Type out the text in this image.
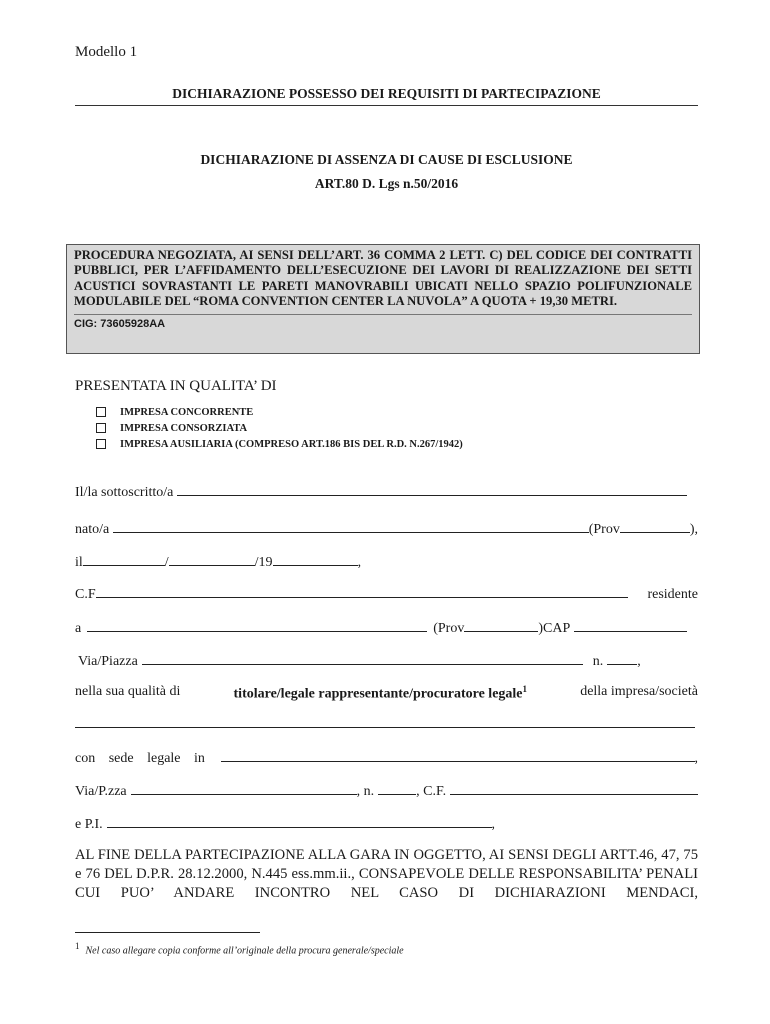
Modello 1
DICHIARAZIONE POSSESSO DEI REQUISITI DI PARTECIPAZIONE
DICHIARAZIONE DI ASSENZA DI CAUSE DI ESCLUSIONE
ART.80 D. Lgs n.50/2016
PROCEDURA NEGOZIATA, AI SENSI DELL’ART. 36 COMMA 2 LETT. C) DEL CODICE DEI CONTRATTI PUBBLICI, PER L’AFFIDAMENTO DELL’ESECUZIONE DEI LAVORI DI REALIZZAZIONE DEI SETTI ACUSTICI SOVRASTANTI LE PARETI MANOVRABILI UBICATI NELLO SPAZIO POLIFUNZIONALE MODULABILE DEL “ROMA CONVENTION CENTER LA NUVOLA” A QUOTA + 19,30 METRI.
CIG: 73605928AA
PRESENTATA IN QUALITA’ DI
IMPRESA CONCORRENTE
IMPRESA CONSORZIATA
IMPRESA AUSILIARIA (COMPRESO ART.186 BIS DEL R.D. N.267/1942)
Il/la sottoscritto/a
nato/a	(Prov	),
il	/	/19	,
C.F	residente
a	(Prov	)CAP
Via/Piazza	n. ,
nella sua qualità di	titolare/legale rappresentante/procuratore legale$^1$	della impresa/società
con sede legale in	,
Via/P.zza	, n.	, C.F.
e P.I.	,
AL FINE DELLA PARTECIPAZIONE ALLA GARA IN OGGETTO, AI SENSI DEGLI ARTT.46, 47, 75 e 76 DEL D.P.R. 28.12.2000, N.445 ess.mm.ii., CONSAPEVOLE DELLE RESPONSABILITA’ PENALI CUI PUO’ ANDARE INCONTRO NEL CASO DI DICHIARAZIONI MENDACI,
1 Nel caso allegare copia conforme all’originale della procura generale/speciale
